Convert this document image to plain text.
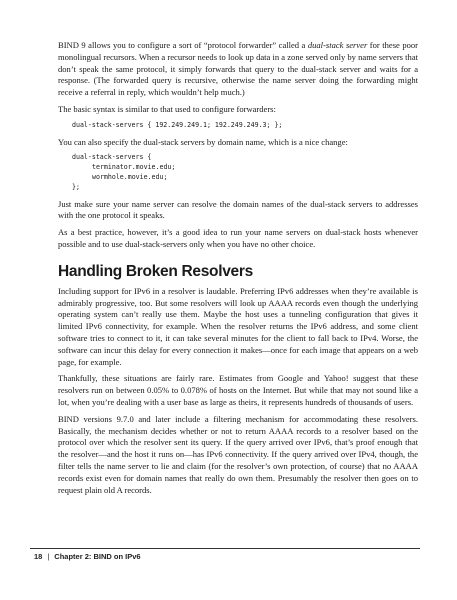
BIND 9 allows you to configure a sort of “protocol forwarder” called a dual-stack server for these poor monolingual recursors. When a recursor needs to look up data in a zone served only by name servers that don’t speak the same protocol, it simply forwards that query to the dual-stack server and waits for a response. (The forwarded query is recursive, otherwise the name server doing the forwarding might receive a referral in reply, which wouldn’t help much.)

The basic syntax is similar to that used to configure forwarders:

dual-stack-servers { 192.249.249.1; 192.249.249.3; };

You can also specify the dual-stack servers by domain name, which is a nice change:

dual-stack-servers {

terminator.movie.edu;
wormhole.movie.edu;
};

Just make sure your name server can resolve the domain names of the dual-stack servers to addresses with the one protocol it speaks.

As a best practice, however, it’s a good idea to run your name servers on dual-stack hosts whenever possible and to use dual-stack-servers only when you have no other choice.

Handling Broken Resolvers

Including support for IPv6 in a resolver is laudable. Preferring IPv6 addresses when they’re available is admirably progressive, too. But some resolvers will look up AAAA records even though the underlying operating system can’t really use them. Maybe the host uses a tunneling configuration that gives it limited IPv6 connectivity, for example. When the resolver returns the IPv6 address, and some client software tries to connect to it, it can take several minutes for the client to fall back to IPv4. Worse, the software can incur this delay for every connection it makes—once for each image that appears on a web page, for example.

Thankfully, these situations are fairly rare. Estimates from Google and Yahoo! suggest that these resolvers run on between 0.05% to 0.078% of hosts on the Internet. But while that may not sound like a lot, when you’re dealing with a user base as large as theirs, it represents hundreds of thousands of users.

BIND versions 9.7.0 and later include a filtering mechanism for accommodating these resolvers. Basically, the mechanism decides whether or not to return AAAA records to a resolver based on the protocol over which the resolver sent its query. If the query arrived over IPv6, that’s proof enough that the resolver—and the host it runs on—has IPv6 connectivity. If the query arrived over IPv4, though, the filter tells the name server to lie and claim (for the resolver’s own protection, of course) that no AAAA records exist even for domain names that really do own them. Presumably the resolver then goes on to request plain old A records.

18 | Chapter 2: BIND on IPv6
